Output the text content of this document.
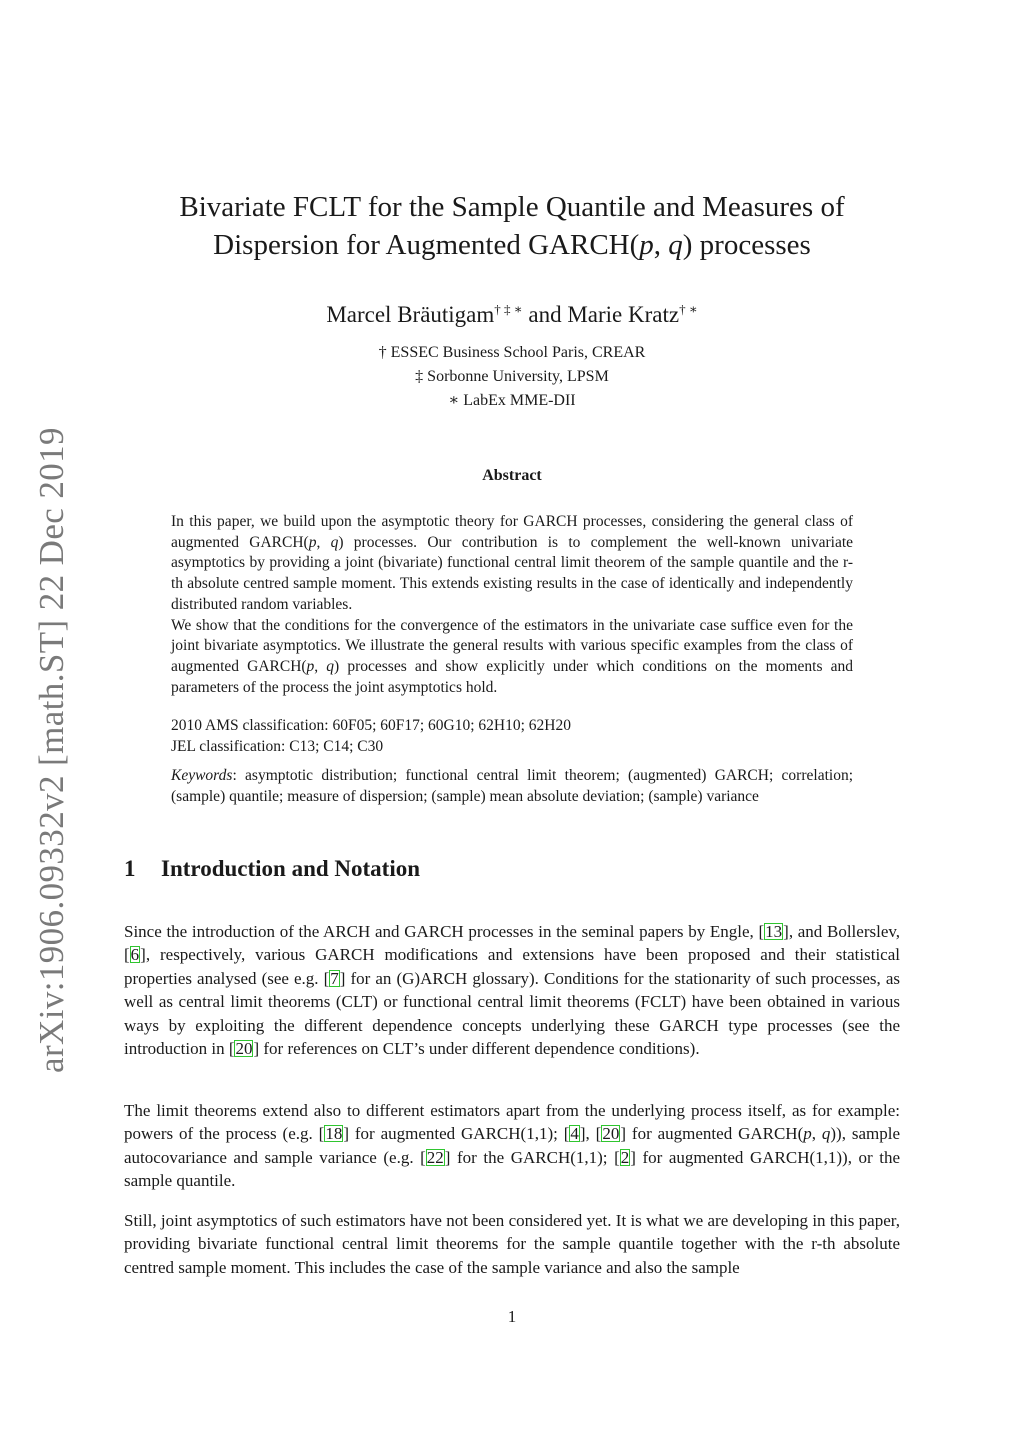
arXiv:1906.09332v2 [math.ST] 22 Dec 2019
Bivariate FCLT for the Sample Quantile and Measures of
Dispersion for Augmented GARCH(p, q) processes
Marcel Bräutigam† ‡ ∗ and Marie Kratz† ∗
† ESSEC Business School Paris, CREAR
‡ Sorbonne University, LPSM
∗ LabEx MME-DII
Abstract

In this paper, we build upon the asymptotic theory for GARCH processes, considering the general class of augmented GARCH(p, q) processes. Our contribution is to complement the well-known univariate asymptotics by providing a joint (bivariate) functional central limit theorem of the sample quantile and the r-th absolute centred sample moment. This extends existing results in the case of identically and independently distributed random variables.

We show that the conditions for the convergence of the estimators in the univariate case suffice even for the joint bivariate asymptotics. We illustrate the general results with various specific examples from the class of augmented GARCH(p, q) processes and show explicitly under which conditions on the moments and parameters of the process the joint asymptotics hold.

2010 AMS classification: 60F05; 60F17; 60G10; 62H10; 62H20
JEL classification: C13; C14; C30
Keywords: asymptotic distribution; functional central limit theorem; (augmented) GARCH; correlation; (sample) quantile; measure of dispersion; (sample) mean absolute deviation; (sample) variance
1 Introduction and Notation

Since the introduction of the ARCH and GARCH processes in the seminal papers by Engle, [13], and Bollerslev, [6], respectively, various GARCH modifications and extensions have been proposed and their statistical properties analysed (see e.g. [7] for an (G)ARCH glossary). Conditions for the stationarity of such processes, as well as central limit theorems (CLT) or functional central limit theorems (FCLT) have been obtained in various ways by exploiting the different dependence concepts underlying these GARCH type processes (see the introduction in [20] for references on CLT’s under different dependence conditions).

The limit theorems extend also to different estimators apart from the underlying process itself, as for example: powers of the process (e.g. [18] for augmented GARCH(1,1); [4], [20] for augmented GARCH(p, q)), sample autocovariance and sample variance (e.g. [22] for the GARCH(1,1); [2] for augmented GARCH(1,1)), or the sample quantile.

Still, joint asymptotics of such estimators have not been considered yet. It is what we are developing in this paper, providing bivariate functional central limit theorems for the sample quantile together with the r-th absolute centred sample moment. This includes the case of the sample variance and also the sample

1
